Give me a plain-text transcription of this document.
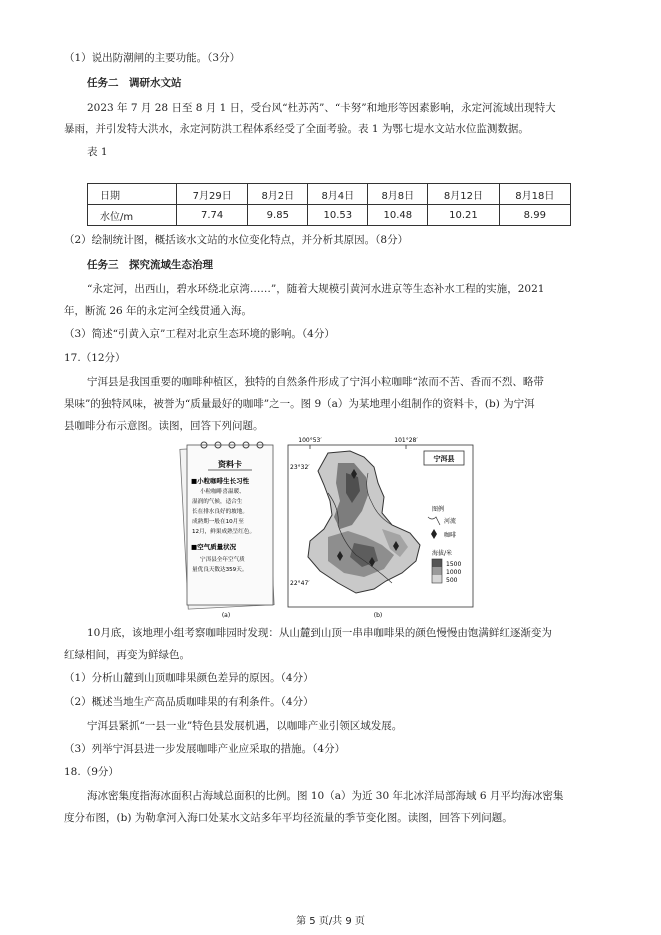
（1）说出防潮闸的主要功能。（3分）
任务二　调研水文站
2023 年 7 月 28 日至 8 月 1 日，受台风“杜苏芮”、“卡努”和地形等因素影响，永定河流域出现特大
暴雨，并引发特大洪水，永定河防洪工程体系经受了全面考验。表 1 为鄂七堤水文站水位监测数据。
表 1
日期	7月29日	8月2日	8月4日	8月8日	8月12日	8月18日
水位/m	7.74	9.85	10.53	10.48	10.21	8.99
（2）绘制统计图，概括该水文站的水位变化特点，并分析其原因。（8分）
任务三　探究流域生态治理
“永定河，出西山，碧水环绕北京湾……”，随着大规模引黄河水进京等生态补水工程的实施，2021
年，断流 26 年的永定河全线贯通入海。
（3）简述“引黄入京”工程对北京生态环境的影响。（4分）
17.（12分）
宁洱县是我国重要的咖啡种植区，独特的自然条件形成了宁洱小粒咖啡“浓而不苦、香而不烈、略带
果味”的独特风味，被誉为“质量最好的咖啡”之一。图 9（a）为某地理小组制作的资料卡，(b) 为宁洱
县咖啡分布示意图。读图，回答下列问题。
资料卡
■小粒咖啡生长习性
小粒咖啡喜温暖、
湿润的气候，适合生
长在排水良好的坡地。
成熟期一般在10月至
12月，鲜果成熟呈红色。
■空气质量状况
宁洱县全年空气质
量优良天数达359天。
(a)
100°53′	101°28′
23°32′
22°47′
宁洱县
图例
河流
咖啡
海拔/米
1500
1000
500
(b)
10月底，该地理小组考察咖啡园时发现：从山麓到山顶一串串咖啡果的颜色慢慢由饱满鲜红逐渐变为
红绿相间，再变为鲜绿色。
（1）分析山麓到山顶咖啡果颜色差异的原因。（4分）
（2）概述当地生产高品质咖啡果的有利条件。（4分）
宁洱县紧抓“一县一业”特色县发展机遇，以咖啡产业引领区域发展。
（3）列举宁洱县进一步发展咖啡产业应采取的措施。（4分）
18.（9分）
海冰密集度指海冰面积占海域总面积的比例。图 10（a）为近 30 年北冰洋局部海域 6 月平均海冰密集
度分布图，(b) 为勒拿河入海口处某水文站多年平均径流量的季节变化图。读图，回答下列问题。
第 5 页/共 9 页
